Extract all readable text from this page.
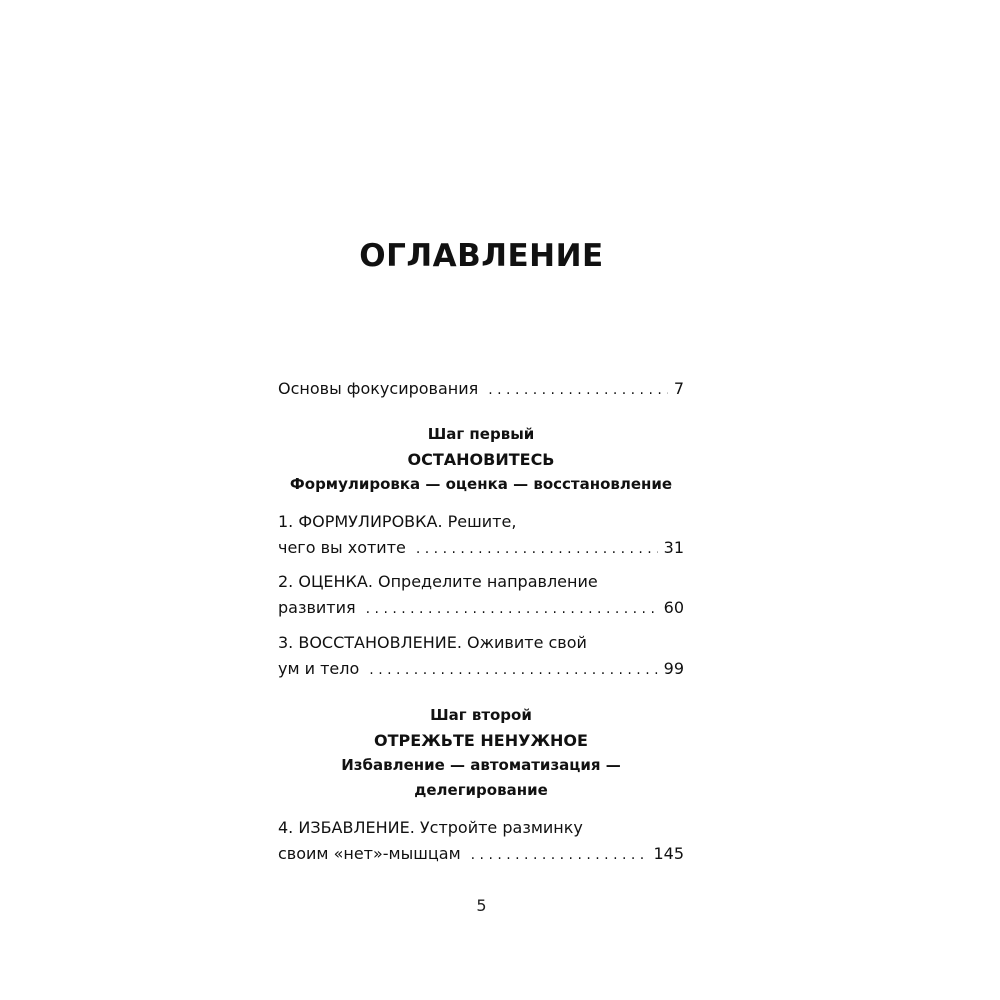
ОГЛАВЛЕНИЕ
Основы фокусирования . . .	7
Шаг первый
ОСТАНОВИТЕСЬ
Формулировка — оценка — восстановление
1. ФОРМУЛИРОВКА. Решите,
чего вы хотите . . .	31
2. ОЦЕНКА. Определите направление
развития . . .	60
3. ВОССТАНОВЛЕНИЕ. Оживите свой
ум и тело . . .	99
Шаг второй
ОТРЕЖЬТЕ НЕНУЖНОЕ
Избавление — автоматизация —
делегирование
4. ИЗБАВЛЕНИЕ. Устройте разминку
своим «нет»-мышцам . . .	145
5
